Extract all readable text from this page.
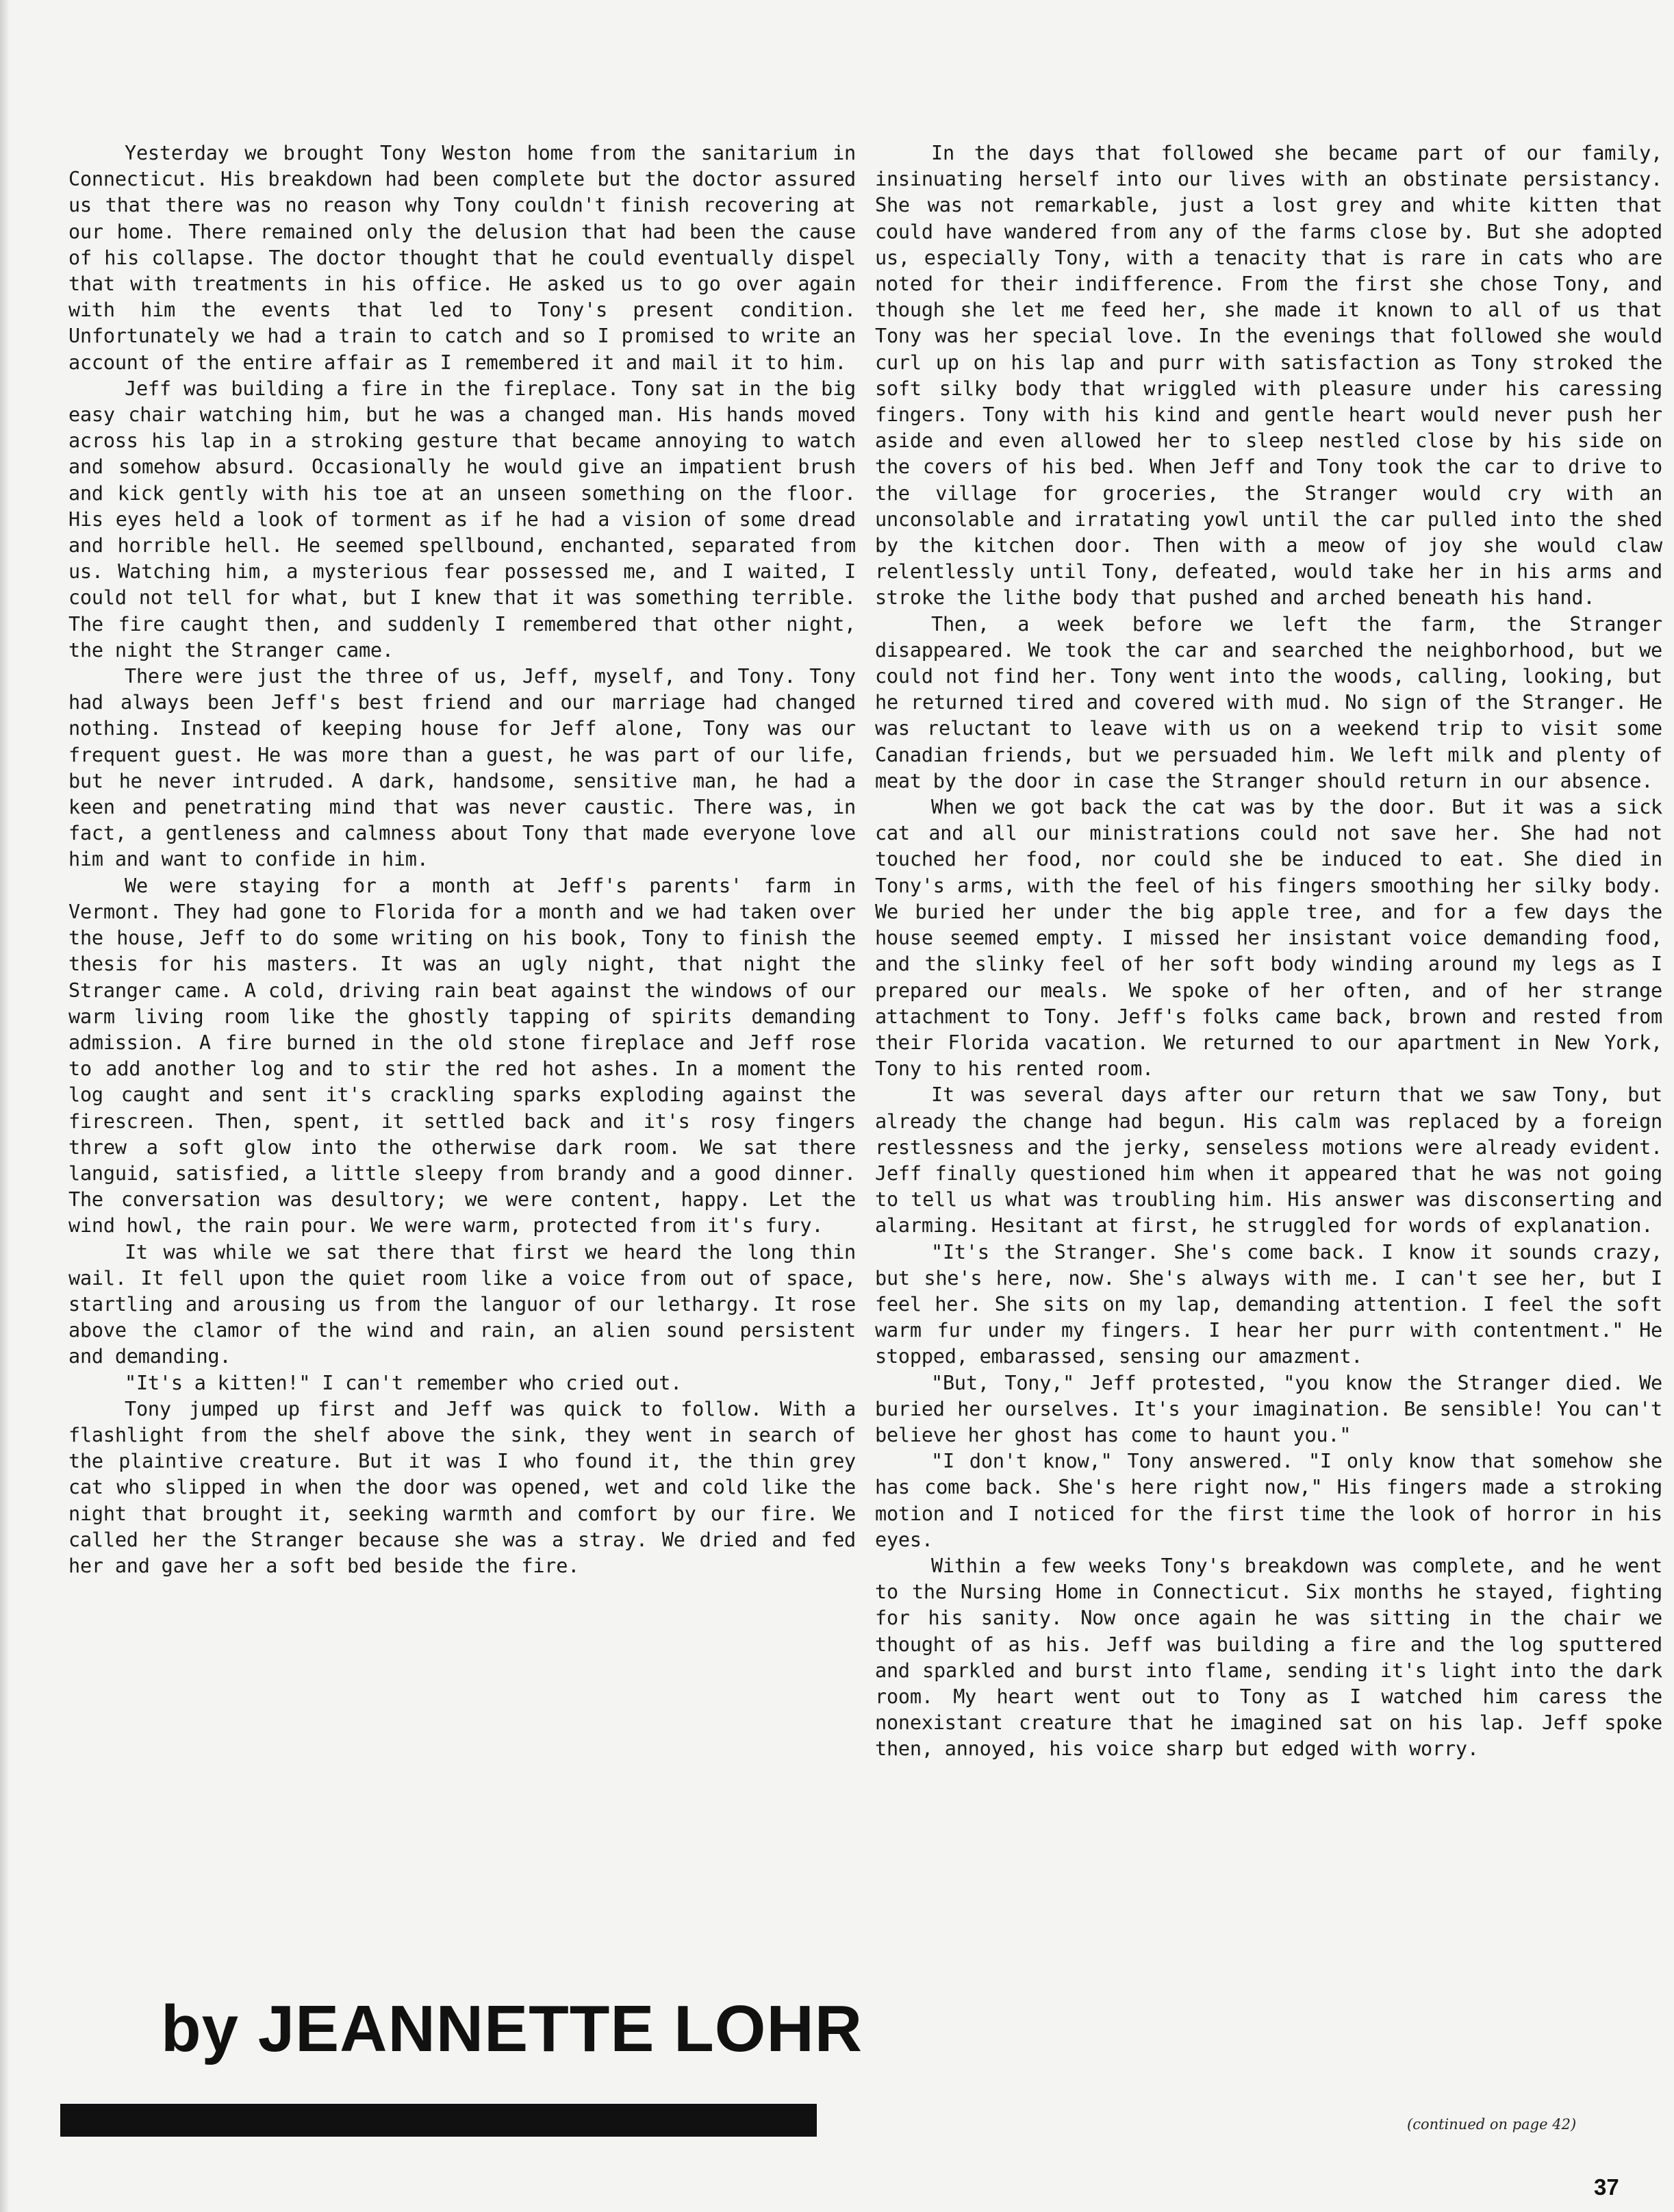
Yesterday we brought Tony Weston home from the sanitarium in Connecticut. His breakdown had been complete but the doctor assured us that there was no reason why Tony couldn't finish recovering at our home. There remained only the delusion that had been the cause of his collapse. The doctor thought that he could eventually dispel that with treatments in his office. He asked us to go over again with him the events that led to Tony's present condition. Unfortunately we had a train to catch and so I promised to write an account of the entire affair as I remembered it and mail it to him.

Jeff was building a fire in the fireplace. Tony sat in the big easy chair watching him, but he was a changed man. His hands moved across his lap in a stroking gesture that became annoying to watch and somehow absurd. Occasionally he would give an impatient brush and kick gently with his toe at an unseen something on the floor. His eyes held a look of torment as if he had a vision of some dread and horrible hell. He seemed spellbound, enchanted, separated from us. Watching him, a mysterious fear possessed me, and I waited, I could not tell for what, but I knew that it was something terrible. The fire caught then, and suddenly I remembered that other night, the night the Stranger came.

There were just the three of us, Jeff, myself, and Tony. Tony had always been Jeff's best friend and our marriage had changed nothing. Instead of keeping house for Jeff alone, Tony was our frequent guest. He was more than a guest, he was part of our life, but he never intruded. A dark, handsome, sensitive man, he had a keen and penetrating mind that was never caustic. There was, in fact, a gentleness and calmness about Tony that made everyone love him and want to confide in him.

We were staying for a month at Jeff's parents' farm in Vermont. They had gone to Florida for a month and we had taken over the house, Jeff to do some writing on his book, Tony to finish the thesis for his masters. It was an ugly night, that night the Stranger came. A cold, driving rain beat against the windows of our warm living room like the ghostly tapping of spirits demanding admission. A fire burned in the old stone fireplace and Jeff rose to add another log and to stir the red hot ashes. In a moment the log caught and sent it's crackling sparks exploding against the firescreen. Then, spent, it settled back and it's rosy fingers threw a soft glow into the otherwise dark room. We sat there languid, satisfied, a little sleepy from brandy and a good dinner. The conversation was desultory; we were content, happy. Let the wind howl, the rain pour. We were warm, protected from it's fury.

It was while we sat there that first we heard the long thin wail. It fell upon the quiet room like a voice from out of space, startling and arousing us from the languor of our lethargy. It rose above the clamor of the wind and rain, an alien sound persistent and demanding.

"It's a kitten!" I can't remember who cried out.

Tony jumped up first and Jeff was quick to follow. With a flashlight from the shelf above the sink, they went in search of the plaintive creature. But it was I who found it, the thin grey cat who slipped in when the door was opened, wet and cold like the night that brought it, seeking warmth and comfort by our fire. We called her the Stranger because she was a stray. We dried and fed her and gave her a soft bed beside the fire.

In the days that followed she became part of our family, insinuating herself into our lives with an obstinate persistancy. She was not remarkable, just a lost grey and white kitten that could have wandered from any of the farms close by. But she adopted us, especially Tony, with a tenacity that is rare in cats who are noted for their indifference. From the first she chose Tony, and though she let me feed her, she made it known to all of us that Tony was her special love. In the evenings that followed she would curl up on his lap and purr with satisfaction as Tony stroked the soft silky body that wriggled with pleasure under his caressing fingers. Tony with his kind and gentle heart would never push her aside and even allowed her to sleep nestled close by his side on the covers of his bed. When Jeff and Tony took the car to drive to the village for groceries, the Stranger would cry with an unconsolable and irratating yowl until the car pulled into the shed by the kitchen door. Then with a meow of joy she would claw relentlessly until Tony, defeated, would take her in his arms and stroke the lithe body that pushed and arched beneath his hand.

Then, a week before we left the farm, the Stranger disappeared. We took the car and searched the neighborhood, but we could not find her. Tony went into the woods, calling, looking, but he returned tired and covered with mud. No sign of the Stranger. He was reluctant to leave with us on a weekend trip to visit some Canadian friends, but we persuaded him. We left milk and plenty of meat by the door in case the Stranger should return in our absence.

When we got back the cat was by the door. But it was a sick cat and all our ministrations could not save her. She had not touched her food, nor could she be induced to eat. She died in Tony's arms, with the feel of his fingers smoothing her silky body. We buried her under the big apple tree, and for a few days the house seemed empty. I missed her insistant voice demanding food, and the slinky feel of her soft body winding around my legs as I prepared our meals. We spoke of her often, and of her strange attachment to Tony. Jeff's folks came back, brown and rested from their Florida vacation. We returned to our apartment in New York, Tony to his rented room.

It was several days after our return that we saw Tony, but already the change had begun. His calm was replaced by a foreign restlessness and the jerky, senseless motions were already evident. Jeff finally questioned him when it appeared that he was not going to tell us what was troubling him. His answer was disconserting and alarming. Hesitant at first, he struggled for words of explanation.

"It's the Stranger. She's come back. I know it sounds crazy, but she's here, now. She's always with me. I can't see her, but I feel her. She sits on my lap, demanding attention. I feel the soft warm fur under my fingers. I hear her purr with contentment." He stopped, embarassed, sensing our amazment.

"But, Tony," Jeff protested, "you know the Stranger died. We buried her ourselves. It's your imagination. Be sensible! You can't believe her ghost has come to haunt you."

"I don't know," Tony answered. "I only know that somehow she has come back. She's here right now," His fingers made a stroking motion and I noticed for the first time the look of horror in his eyes.

Within a few weeks Tony's breakdown was complete, and he went to the Nursing Home in Connecticut. Six months he stayed, fighting for his sanity. Now once again he was sitting in the chair we thought of as his. Jeff was building a fire and the log sputtered and sparkled and burst into flame, sending it's light into the dark room. My heart went out to Tony as I watched him caress the nonexistant creature that he imagined sat on his lap. Jeff spoke then, annoyed, his voice sharp but edged with worry.

by JEANNETTE LOHR
(continued on page 42)
37
